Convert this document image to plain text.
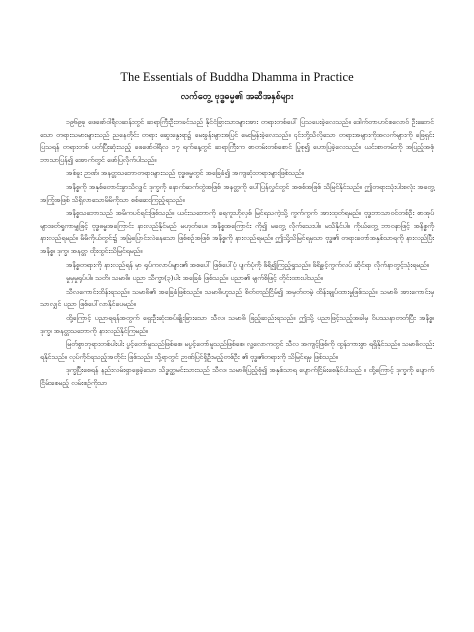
The Essentials of Buddha Dhamma in Practice
လက်တွေ့ ဗုဒ္ဓဓမ္မ၏ အဆီအနှစ်များ

၁၉၆၉ခု ဖေဖော်ဝါရီလဆန်းတွင် ဆရာကြီးဦးဘခင်သည် နိုင်ငံခြားသားများအား တရားတစ်ပေါ် ပြသပေးခဲ့လေသည်။ ဒေါက်တာဟင်စလောဝ် ဦးဆောင်သော တရားသမားများသည် ညနေတိုင်း တရား ဆွေးနွေးရာ၌ မေးခွန်းများအပြင် မေးမြန်းခဲ့လေသည်။ ၎င်းတို့သိလိုသော တရားအများကိုအလက်များကို ဖြေရှင်းပြသရန် တရားတစ် ပတ်ပြီးဆုံးသည့် ဖေဖော်ဝါရီလ ၁၇ ရက်နေ့တွင် ဆရာကြီးက စာတမ်းတစ်စောင် ပြုစု၍ ဟောပြခဲ့လေသည်။ ယင်းစာတမ်းကို အပြည့်အစုံဘာသာပြန်၍ အောက်တွင် ဖော်ပြလိုက်ပါသည်။

အစ်ခူး ဉာဏ်၊ အနတ္တသဘောတရားများသည် ဗုဒ္ဓဓမ္မတွင် အခြေခံ၍ အကျဆုံးတရားများဖြစ်သည်။

အနိစ္စကို အနုစ်တောင်းခွာသိလျှင် ဒုက္ခကို နောက်ဆက်တွဲအဖြစ် အနတ္တကို ပေါ်ပြန်လွှင်တွင် အစစ်အဖြစ် သိမြင်နိုင်သည်။ ဤတရားသုံးပါးစလုံး အတွေ့ အကြုံအဖြစ် သိရှိလာသောမိမိကိုသာ စစ်ဆေးကြည့်ရသည်။

အနိစ္စသဘောသည် အမိကပင်ရင်းဖြစ်သည်။ ယင်းသဘောကို ရေကူးဟိုလှစ် မြင်ရသကဲ့သို့ ကွက်ကွက် အားထုတ်ရမည်။ ဗုဒ္ဓဘာသာဝင်တစ်ဦး စာအုပ်များဖတ်ရှုကာမျှဖြင့် ဗုဒ္ဓဓမ္မအကြောင်း နားလည်နိုင်မည် မဟုတ်ပေ။ အနိစ္စအကြောင်း ကို၍ မတွေ့ လိုက်သေးပါ။ မသိနိုင်ပါ။ ကိုယ်တွေ့ ဘာဝနာဖြင့် အနိစ္စကို နားလည်ရမည်။ မိမိကိုယ်တွင်း၌ အမြဲပြောင်းလဲနေသော ဖြစ်စဉ်အဖြစ် အနိစ္စကို နားလည်ရမည်။ ဤသို့သိမြင်ရမှသာ ဗုဒ္ဓ၏ တရားတော်အနှစ်သာရကို နားလည်ပြီး အနိစ္စ၊ ဒုက္ခ၊ အနတ္တ ထိုးထွင်းသိမြင်ရမည်။

အနိစ္စတရားကို နားလည်ရန် မှာ ရုပ်ကလာပ်များ၏ အစပေါ် ဖြစ်ပေါ်ပုံ ပျက်ပုံကို ဖိရိ၍ကြည့်ရှုသည်။ ဖိရိခွင့်ကွက်လပ် ဆိုင်ရာ လိုက်နာတွင့်သုံးရမည်။

မှုမှမှုရုပ်ပါ။ သတိ၊ သမာဓိ၊ ပညာ သီက္ခာ(၃)ပါး အခြေခံ ဖြစ်သည်။ ပညာ၏ မျက်စိဖြင့် တိုင်းထားပါသည်။

သီလကောင်းထိန်းရသည်။ သမာဓိ၏ အခြေခံဖြစ်သည်။ သမာဓိဟူသည် စိတ်တည်ငြိမ်၍ အမှတ်တမဲ့ ထိန်းချုပ်ထားမှုဖြစ်သည်။ သမာဓိ အားကောင်းမှသာလျှင် ပညာ ဖြစ်ပေါ်လာနိုင်ပေမည်။

ထို့ကြောင့် ပညာရရန်အတွက် ရှေးဦးဆုံးအပ်ချိုးခြားသော သီလ၊ သမာဓိ ဖြည့်ဆည်းရသည်။ ဤသို့ ပညာဖြင့်သည့်အခါမှ ဝိပဿနာတတ်ပြီး အနိစ္စ၊ ဒုက္ခ၊ အနတ္တသဘောကို နားလည်နိုင်ကြမည်။

မြတ်စွာဘုရားတစ်ပါးပါး ပွင့်တော်မူသည်ဖြစ်စေ၊ မပွင့်တော်မူသည်ဖြစ်စေ၊ လူ့လောကတွင် သီလ အကျင့်ဖြစ်ကို ထွန်းကားစွာ ရရှိနိုင်သည်။ သမာဓိလည်း ရနိုင်သည်။ လုပ်ကိုင်ရသည့်အတိုင်း ဖြစ်သည်။ သို့ရာတွင် ဉာဏ်ပြင်ရှိဦးမည့်တစ်ဦး ၏ ဗုဒ္ဓ၏တရားကို သိမြင်ရမှ ဖြစ်သည်။

ဒုက္ခပြီးစေရန် နည်းလမ်းရှာဖွေခဲ့သော သိဒ္ဓတ္ထမင်းသားသည် သီလ၊ သမာဓိပြည့်စုံ၍ အနှစ်သာရ ပျောက်ငြိမ်းစေနိုင်ပါသည် ။ ထို့ကြောင့် ဒုက္ခကို ပျောက်ငြိမ်းစေမည့် လမ်းစဉ်ကိုသာ
